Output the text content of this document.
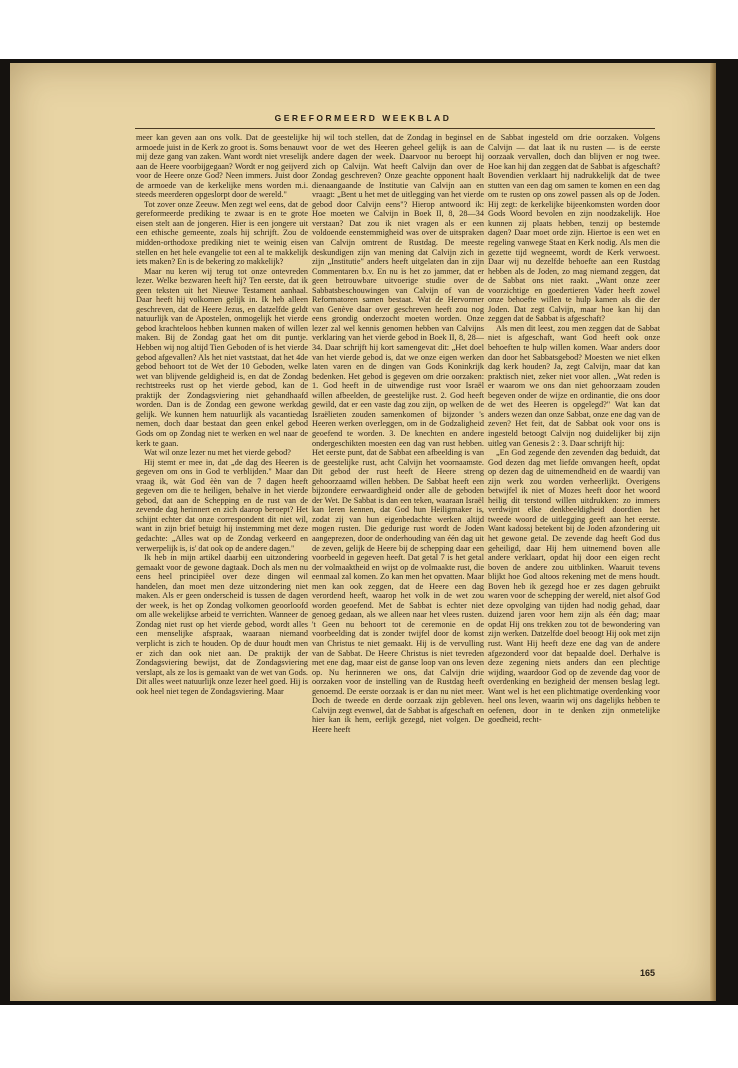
GEREFORMEERD WEEKBLAD

meer kan geven aan ons volk. Dat de geestelijke armoede juist in de Kerk zo groot is. Soms benauwt mij deze gang van zaken. Want wordt niet vreselijk aan de Heere voorbijgegaan? Wordt er nog geijverd voor de Heere onze God? Neen immers. Juist door de armoede van de kerkelijke mens worden m.i. steeds meerderen opgeslorpt door de wereld."

Tot zover onze Zeeuw. Men zegt wel eens, dat de gereformeerde prediking te zwaar is en te grote eisen stelt aan de jongeren. Hier is een jongere uit een ethische gemeente, zoals hij schrijft. Zou de midden-orthodoxe prediking niet te weinig eisen stellen en het hele evangelie tot een al te makkelijk iets maken? En is de bekering zo makkelijk?

Maar nu keren wij terug tot onze ontevreden lezer. Welke bezwaren heeft hij? Ten eerste, dat ik geen teksten uit het Nieuwe Testament aanhaal. Daar heeft hij volkomen gelijk in. Ik heb alleen geschreven, dat de Heere Jezus, en datzelfde geldt natuurlijk van de Apostelen, onmogelijk het vierde gebod krachteloos hebben kunnen maken of willen maken. Bij de Zondag gaat het om dit puntje. Hebben wij nog altijd Tien Geboden of is het vierde gebod afgevallen? Als het niet vaststaat, dat het 4de gebod behoort tot de Wet der 10 Geboden, welke wet van blijvende geldigheid is, en dat de Zondag rechtstreeks rust op het vierde gebod, kan de praktijk der Zondagsviering niet gehandhaafd worden. Dan is de Zondag een gewone werkdag gelijk. We kunnen hem natuurlijk als vacantiedag nemen, doch daar bestaat dan geen enkel gebod Gods om op Zondag niet te werken en wel naar de kerk te gaan.

Wat wil onze lezer nu met het vierde gebod?

Hij stemt er mee in, dat „de dag des Heeren is gegeven om ons in God te verblijden." Maar dan vraag ik, wàt God èèn van de 7 dagen heeft gegeven om die te heiligen, behalve in het vierde gebod, dat aan de Schepping en de rust van de zevende dag herinnert en zich daarop beroept? Het schijnt echter dat onze correspondent dit niet wil, want in zijn brief betuigt hij instemming met deze gedachte: „Alles wat op de Zondag verkeerd en verwerpelijk is, is' dat ook op de andere dagen."

Ik heb in mijn artikel daarbij een uitzondering gemaakt voor de gewone dagtaak. Doch als men nu eens heel principiëel over deze dingen wil handelen, dan moet men deze uitzondering niet maken. Als er geen onderscheid is tussen de dagen der week, is het op Zondag volkomen geoorloofd om alle wekelijkse arbeid te verrichten. Wanneer de Zondag niet rust op het vierde gebod, wordt alles een menselijke afspraak, waaraan niemand verplicht is zich te houden. Op de duur houdt men er zich dan ook niet aan. De praktijk der Zondagsviering bewijst, dat de Zondagsviering verslapt, als ze los is gemaakt van de wet van Gods. Dit alles weet natuurlijk onze lezer heel goed. Hij is ook heel niet tegen de Zondagsviering. Maar

hij wil toch stellen, dat de Zondag in beginsel en voor de wet des Heeren geheel gelijk is aan de andere dagen der week. Daarvoor nu beroept hij zich op Calvijn. Wat heeft Calvijn dan over de Zondag geschreven? Onze geachte opponent haalt dienaangaande de Institutie van Calvijn aan en vraagt: „Bent u het met de uitlegging van het vierde gebod door Calvijn eens"? Hierop antwoord ik: Hoe moeten we Calvijn in Boek II, 8, 28—34 verstaan? Dat zou ik niet vragen als er een voldoende eenstemmigheid was over de uitspraken van Calvijn omtrent de Rustdag. De meeste deskundigen zijn van mening dat Calvijn zich in zijn „Institutie" anders heeft uitgelaten dan in zijn Commentaren b.v. En nu is het zo jammer, dat er geen betrouwbare uitvoerige studie over de Sabbatsbeschouwingen van Calvijn of van de Reformatoren samen bestaat. Wat de Hervormer van Genève daar over geschreven heeft zou nog eens grondig onderzocht moeten worden. Onze lezer zal wel kennis genomen hebben van Calvijns verklaring van het vierde gebod in Boek II, 8, 28—34. Daar schrijft hij kort samengevat dit: „Het doel van het vierde gebod is, dat we onze eigen werken laten varen en de dingen van Gods Koninkrijk bedenken. Het gebod is gegeven om drie oorzaken: 1. God heeft in de uitwendige rust voor Israël willen afbeelden, de geestelijke rust. 2. God heeft gewild, dat er een vaste dag zou zijn, op welken de Israëlieten zouden samenkomen of bijzonder 's Heeren werken overleggen, om in de Godzaligheid geoefend te worden. 3. De knechten en andere ondergeschikten moesten een dag van rust hebben. Het eerste punt, dat de Sabbat een afbeelding is van de geestelijke rust, acht Calvijn het voornaamste. Dit gebod der rust heeft de Heere streng gehoorzaamd willen hebben. De Sabbat heeft een bijzondere eerwaardigheid onder alle de geboden der Wet. De Sabbat is dan een teken, waaraan Israël kan leren kennen, dat God hun Heiligmaker is, zodat zij van hun eigenbedachte werken altijd mogen rusten. Die gedurige rust wordt de Joden aangeprezen, door de onderhouding van één dag uit de zeven, gelijk de Heere bij de schepping daar een voorbeeld in gegeven heeft. Dat getal 7 is het getal der volmaaktheid en wijst op de volmaakte rust, die eenmaal zal komen. Zo kan men het opvatten. Maar men kan ook zeggen, dat de Heere een dag verordend heeft, waarop het volk in de wet zou worden geoefend. Met de Sabbat is echter niet genoeg gedaan, als we alleen naar het vlees rusten. 't Geen nu behoort tot de ceremonie en de voorbeelding dat is zonder twijfel door de komst van Christus te niet gemaakt. Hij is de vervulling van de Sabbat. De Heere Christus is niet tevreden met ene dag, maar eist de ganse loop van ons leven op. Nu herinneren we ons, dat Calvijn drie oorzaken voor de instelling van de Rustdag heeft genoemd. De eerste oorzaak is er dan nu niet meer. Doch de tweede en derde oorzaak zijn gebleven. Calvijn zegt evenwel, dat de Sabbat is afgeschaft en hier kan ik hem, eerlijk gezegd, niet volgen. De Heere heeft

de Sabbat ingesteld om drie oorzaken. Volgens Calvijn — dat laat ik nu rusten — is de eerste oorzaak vervallen, doch dan blijven er nog twee. Hoe kan hij dan zeggen dat de Sabbat is afgeschaft? Bovendien verklaart hij nadrukkelijk dat de twee stutten van een dag om samen te komen en een dag om te rusten op ons zowel passen als op de Joden. Hij zegt: de kerkelijke bijeenkomsten worden door Gods Woord bevolen en zijn noodzakelijk. Hoe kunnen zij plaats hebben, tenzij op bestemde dagen? Daar moet orde zijn. Hiertoe is een wet en regeling vanwege Staat en Kerk nodig. Als men die gezette tijd wegneemt, wordt de Kerk verwoest. Daar wij nu dezelfde behoefte aan een Rustdag hebben als de Joden, zo mag niemand zeggen, dat de Sabbat ons niet raakt. „Want onze zeer voorzichtige en goedertieren Vader heeft zowel onze behoefte willen te hulp kamen als die der Joden. Dat zegt Calvijn, maar hoe kan hij dan zeggen dat de Sabbat is afgeschaft?

Als men dit leest, zou men zeggen dat de Sabbat niet is afgeschaft, want God heeft ook onze behoeften te hulp willen komen. Waar anders door dan door het Sabbatsgebod? Moesten we niet elken dag kerk houden? Ja, zegt Calvijn, maar dat kan praktisch niet, zeker niet voor allen. „Wat reden is er waarom we ons dan niet gehoorzaam zouden begeven onder de wijze en ordinantie, die ons door de wet des Heeren is opgelegd?" Wat kan dat anders wezen dan onze Sabbat, onze ene dag van de zeven? Het feit, dat de Sabbat ook voor ons is ingesteld betoogt Calvijn nog duidelijker bij zijn uitleg van Genesis 2 : 3. Daar schrijft hij:

„En God zegende den zevenden dag beduidt, dat God dezen dag met liefde omvangen heeft, opdat op dezen dag de uitnemendheid en de waardij van zijn werk zou worden verheerlijkt. Overigens betwijfel ik niet of Mozes heeft door het woord heilig dit terstond willen uitdrukken: zo immers verdwijnt elke denkbeeldigheid doordien het tweede woord de uitlegging geeft aan het eerste. Want kadossj betekent bij de Joden afzondering uit het gewone getal. De zevende dag heeft God dus geheiligd, daar Hij hem uitnemend boven alle andere verklaart, opdat hij door een eigen recht boven de andere zou uitblinken. Waaruit tevens blijkt hoe God altoos rekening met de mens houdt. Boven heb ik gezegd hoe er zes dagen gebruikt waren voor de schepping der wereld, niet alsof God deze opvolging van tijden had nodig gehad, daar duizend jaren voor hem zijn als één dag; maar opdat Hij ons trekken zou tot de bewondering van zijn werken. Datzelfde doel beoogt Hij ook met zijn rust. Want Hij heeft deze ene dag van de andere afgezonderd voor dat bepaalde doel. Derhalve is deze zegening niets anders dan een plechtige wijding, waardoor God op de zevende dag voor de overdenking en bezigheid der mensen beslag legt. Want wel is het een plichtmatige overdenking voor heel ons leven, waarin wij ons dagelijks hebben te oefenen, door in te denken zijn onmetelijke goedheid, recht-

165
